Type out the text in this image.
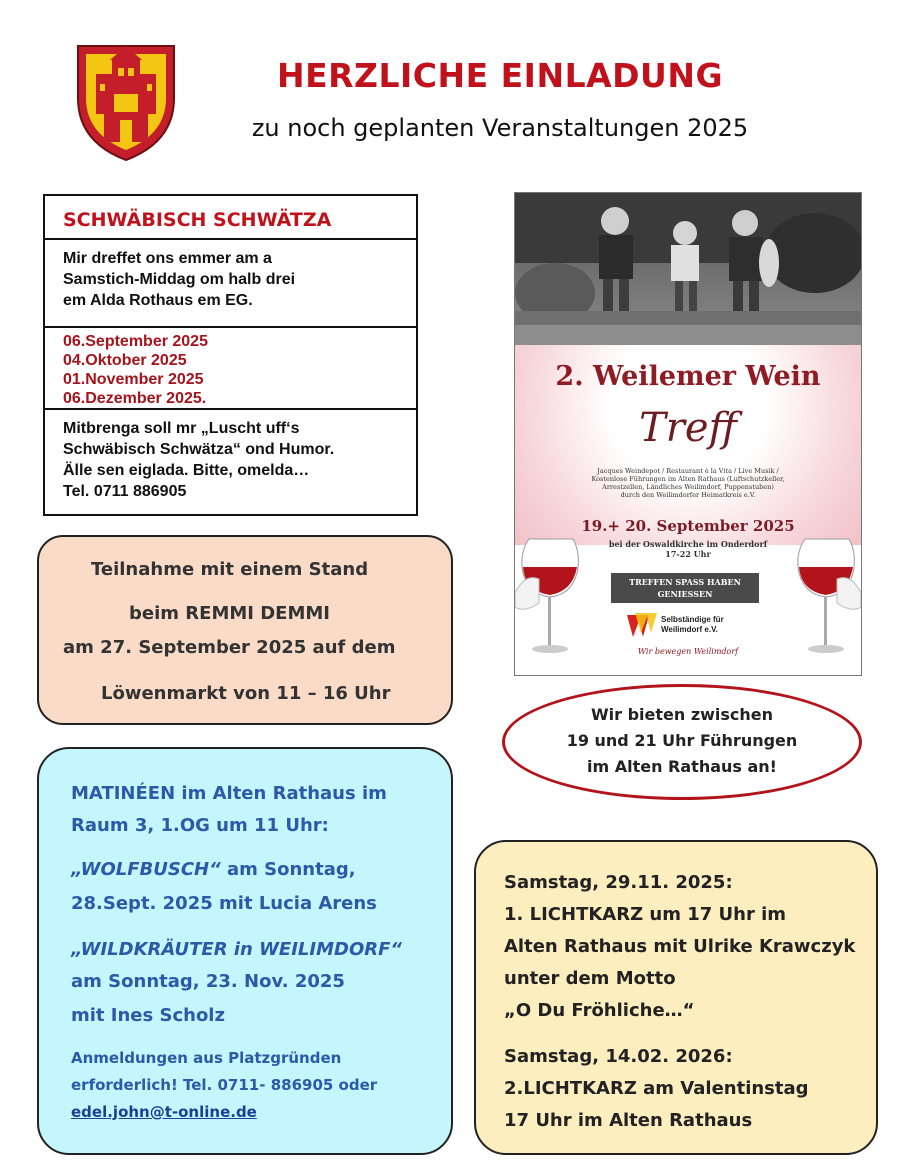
HERZLICHE EINLADUNG
zu noch geplanten Veranstaltungen 2025
SCHWÄBISCH SCHWÄTZA
Mir dreffet ons emmer am a
Samstich-Middag om halb drei
em Alda Rothaus em EG.
06.September 2025
04.Oktober 2025
01.November 2025
06.Dezember 2025.
Mitbrenga soll mr „Luscht uff‘s
Schwäbisch Schwätza“ ond Humor.
Älle sen eiglada. Bitte, omelda…
Tel. 0711 886905
Teilnahme mit einem Stand
beim REMMI DEMMI
am 27. September 2025 auf dem
Löwenmarkt von 11 – 16 Uhr
2. Weilemer Wein
Treff
Jacques Weindepot / Restaurant è la Vita / Live Musik /
Kostenlose Führungen im Alten Rathaus (Luftschutzkeller,
Arrestzellen, Ländliches Weilimdorf, Puppenstuben)
durch den Weilimdorfer Heimatkreis e.V.
19.+ 20. September 2025
bei der Oswaldkirche im Onderdorf
17-22 Uhr
TREFFEN SPASS HABEN
GENIESSEN
Selbständige für
Weilimdorf e.V.
Wir bewegen Weilimdorf
Wir bieten zwischen
19 und 21 Uhr Führungen
im Alten Rathaus an!
MATINÉEN im Alten Rathaus im
Raum 3, 1.OG um 11 Uhr:
„WOLFBUSCH“ am Sonntag,
28.Sept. 2025 mit Lucia Arens
„WILDKRÄUTER in WEILIMDORF“
am Sonntag, 23. Nov. 2025
mit Ines Scholz
Anmeldungen aus Platzgründen
erforderlich! Tel. 0711- 886905 oder
edel.john@t-online.de
Samstag, 29.11. 2025:
1. LICHTKARZ um 17 Uhr im
Alten Rathaus mit Ulrike Krawczyk
unter dem Motto
„O Du Fröhliche…“
Samstag, 14.02. 2026:
2.LICHTKARZ am Valentinstag
17 Uhr im Alten Rathaus
